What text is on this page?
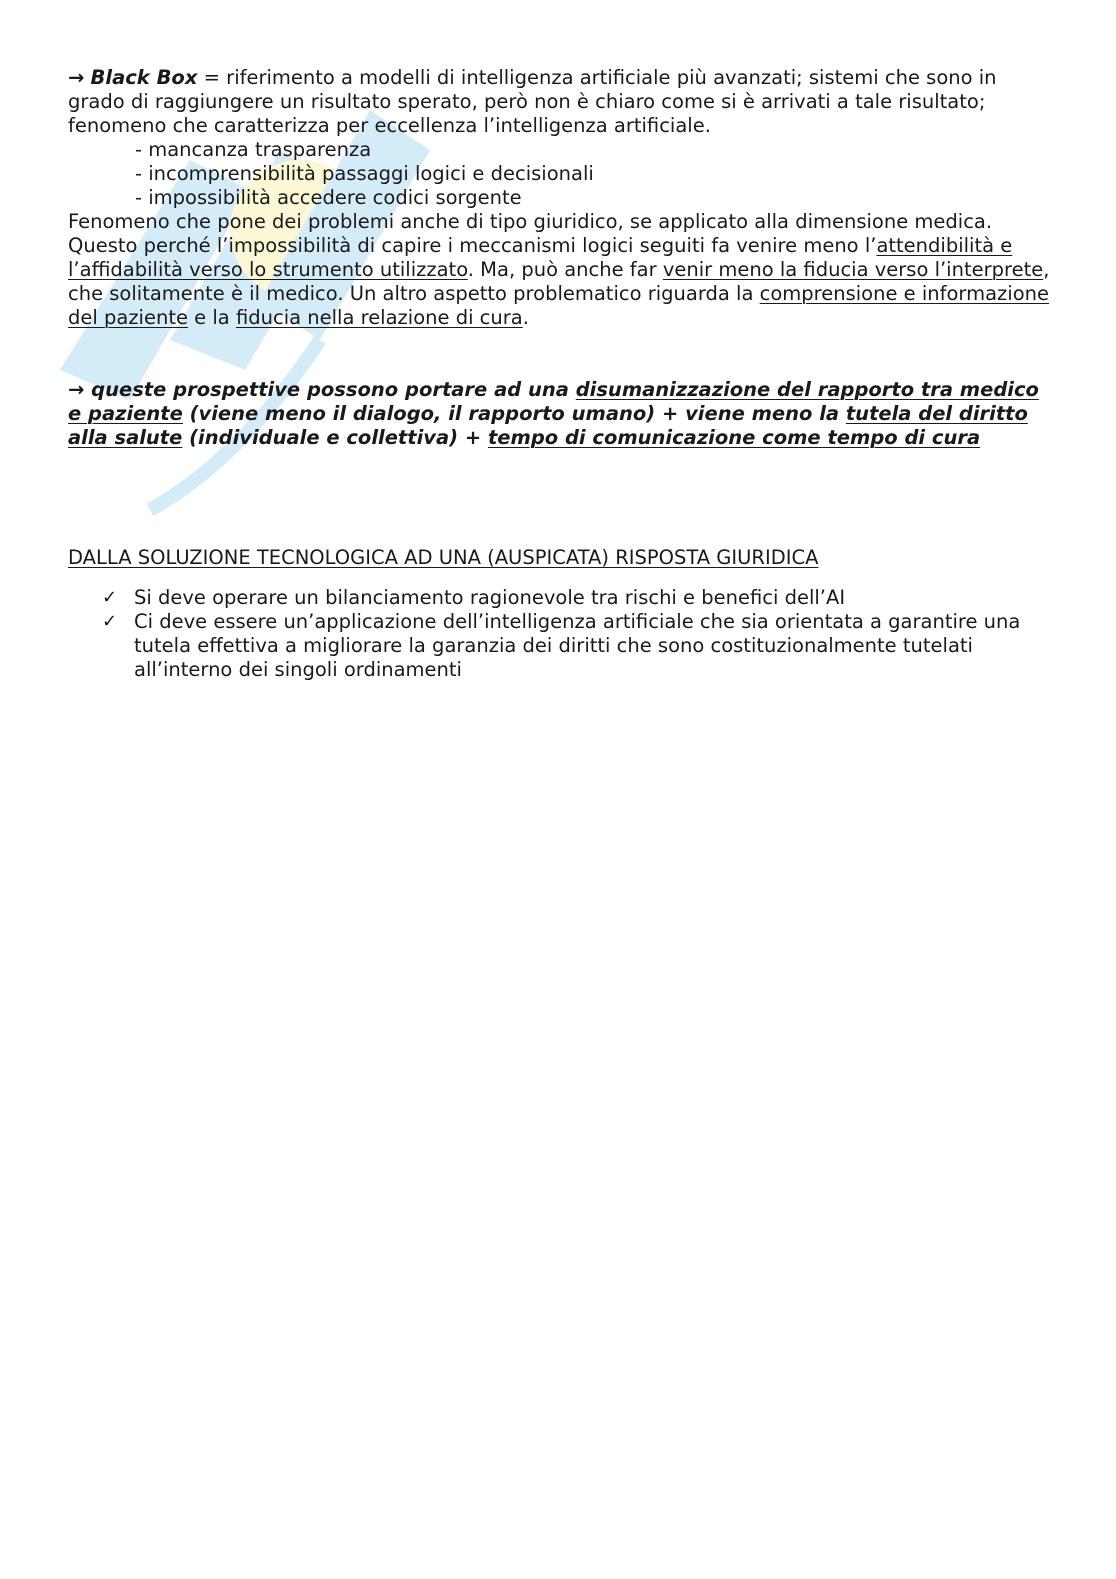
→ Black Box = riferimento a modelli di intelligenza artificiale più avanzati; sistemi che sono in grado di raggiungere un risultato sperato, però non è chiaro come si è arrivati a tale risultato; fenomeno che caratterizza per eccellenza l’intelligenza artificiale.

- mancanza trasparenza
- incomprensibilità passaggi logici e decisionali
- impossibilità accedere codici sorgente

Fenomeno che pone dei problemi anche di tipo giuridico, se applicato alla dimensione medica. Questo perché l’impossibilità di capire i meccanismi logici seguiti fa venire meno l’attendibilità e l’affidabilità verso lo strumento utilizzato. Ma, può anche far venir meno la fiducia verso l’interprete, che solitamente è il medico. Un altro aspetto problematico riguarda la comprensione e informazione del paziente e la fiducia nella relazione di cura.

→ queste prospettive possono portare ad una disumanizzazione del rapporto tra medico e paziente (viene meno il dialogo, il rapporto umano) + viene meno la tutela del diritto alla salute (individuale e collettiva) + tempo di comunicazione come tempo di cura

DALLA SOLUZIONE TECNOLOGICA AD UNA (AUSPICATA) RISPOSTA GIURIDICA

✓ Si deve operare un bilanciamento ragionevole tra rischi e benefici dell’AI
✓ Ci deve essere un’applicazione dell’intelligenza artificiale che sia orientata a garantire una tutela effettiva a migliorare la garanzia dei diritti che sono costituzionalmente tutelati all’interno dei singoli ordinamenti
